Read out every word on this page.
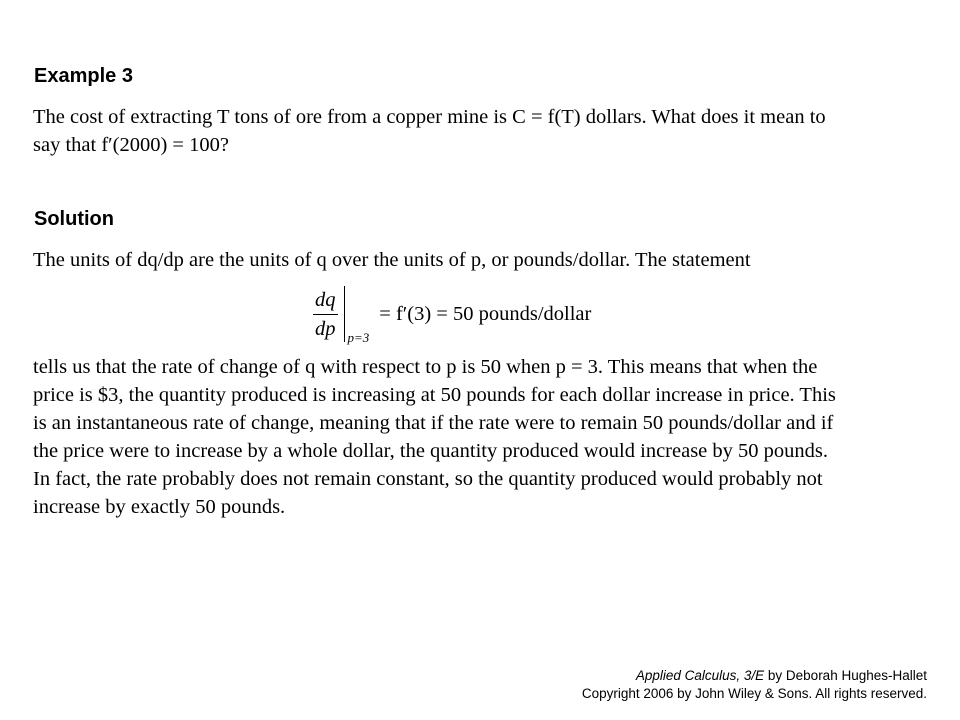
Example 3

The cost of extracting T tons of ore from a copper mine is C = f(T) dollars. What does it mean to
say that f′(2000) = 100?

Solution

The units of dq/dp are the units of q over the units of p, or pounds/dollar. The statement

$\frac{dq}{dp} p=3$
= f′(3) = 50 pounds/dollar

tells us that the rate of change of q with respect to p is 50 when p = 3. This means that when the
price is $3, the quantity produced is increasing at 50 pounds for each dollar increase in price. This
is an instantaneous rate of change, meaning that if the rate were to remain 50 pounds/dollar and if
the price were to increase by a whole dollar, the quantity produced would increase by 50 pounds.
In fact, the rate probably does not remain constant, so the quantity produced would probably not
increase by exactly 50 pounds.

Applied Calculus, 3/E by Deborah Hughes-Hallet
Copyright 2006 by John Wiley & Sons. All rights reserved.
